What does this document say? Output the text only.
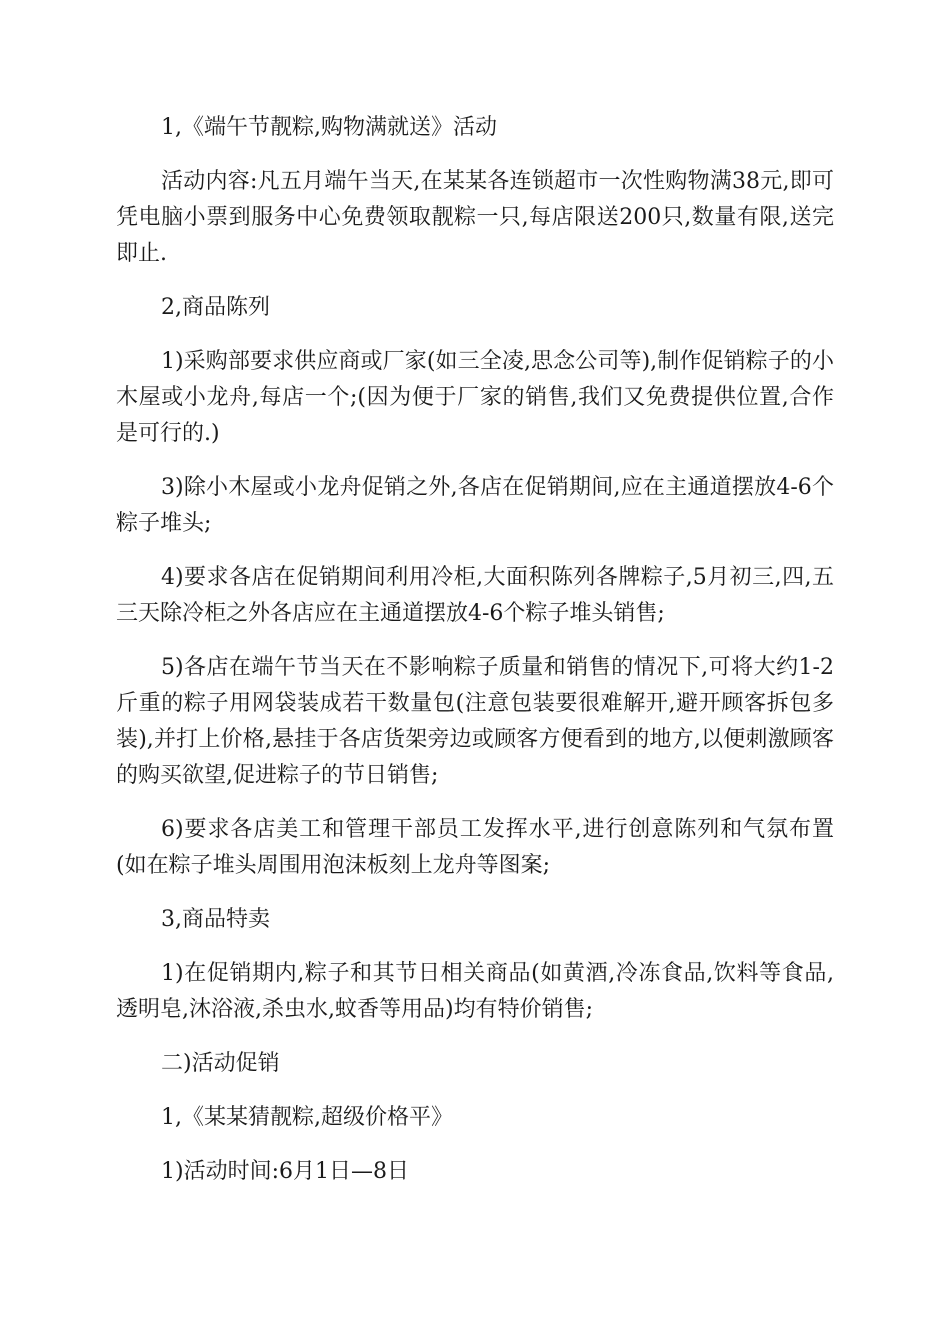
1,《端午节靓粽,购物满就送》活动

活动内容:凡五月端午当天,在某某各连锁超市一次性购物满38元,即可凭电脑小票到服务中心免费领取靓粽一只,每店限送200只,数量有限,送完即止.

2,商品陈列

1)采购部要求供应商或厂家(如三全凌,思念公司等),制作促销粽子的小木屋或小龙舟,每店一个;(因为便于厂家的销售,我们又免费提供位置,合作是可行的.)

3)除小木屋或小龙舟促销之外,各店在促销期间,应在主通道摆放4-6个粽子堆头;

4)要求各店在促销期间利用冷柜,大面积陈列各牌粽子,5月初三,四,五三天除冷柜之外各店应在主通道摆放4-6个粽子堆头销售;

5)各店在端午节当天在不影响粽子质量和销售的情况下,可将大约1-2斤重的粽子用网袋装成若干数量包(注意包装要很难解开,避开顾客拆包多装),并打上价格,悬挂于各店货架旁边或顾客方便看到的地方,以便刺激顾客的购买欲望,促进粽子的节日销售;

6)要求各店美工和管理干部员工发挥水平,进行创意陈列和气氛布置(如在粽子堆头周围用泡沫板刻上龙舟等图案;

3,商品特卖

1)在促销期内,粽子和其节日相关商品(如黄酒,冷冻食品,饮料等食品,透明皂,沐浴液,杀虫水,蚊香等用品)均有特价销售;

二)活动促销

1,《某某猜靓粽,超级价格平》

1)活动时间:6月1日—8日
